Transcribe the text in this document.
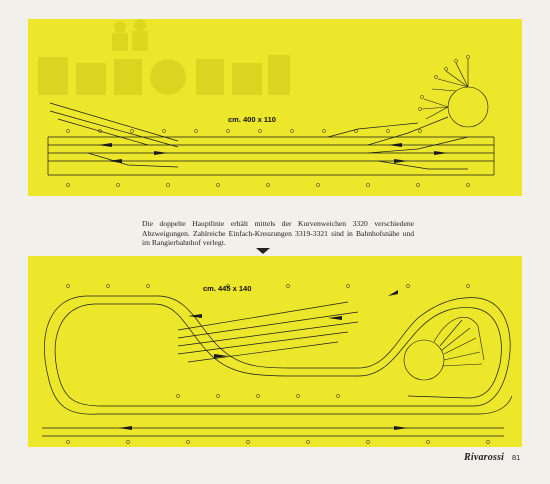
cm. 400 x 110
Die doppelte Hauptlinie erhält mittels der Kurvenweichen 3320 verschiedene Abzweigungen. Zahlreiche Einfach-Kreuzungen 3319-3321 sind in Bahnhofsnähe und im Rangierbahnhof verlegt.
cm. 445 x 140
Rivarossi 81
